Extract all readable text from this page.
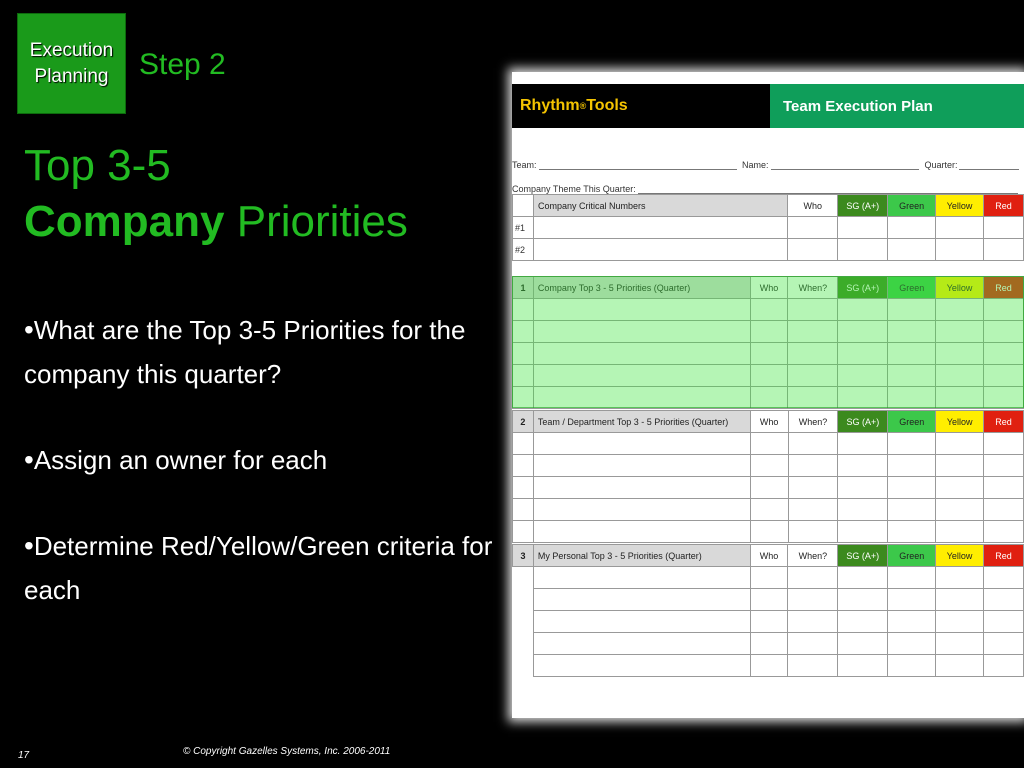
Execution
Planning Step 2
Top 3-5
Company Priorities
•What are the Top 3-5 Priorities for the company this quarter?
•Assign an owner for each
•Determine Red/Yellow/Green criteria for each
17	© Copyright Gazelles Systems, Inc. 2006-2011
Rhythm ® Tools	Team Execution Plan
Team:	Name:	Quarter:
Company Theme This Quarter:
	Company Critical Numbers	Who	SG (A+)	Green	Yellow	Red
#1						
#2						
1	Company Top 3 - 5 Priorities (Quarter)	Who	When?	SG (A+)	Green	Yellow	Red

2	Team / Department Top 3 - 5 Priorities (Quarter)	Who	When?	SG (A+)	Green	Yellow	Red

3	My Personal Top 3 - 5 Priorities (Quarter)	Who	When?	SG (A+)	Green	Yellow	Red
